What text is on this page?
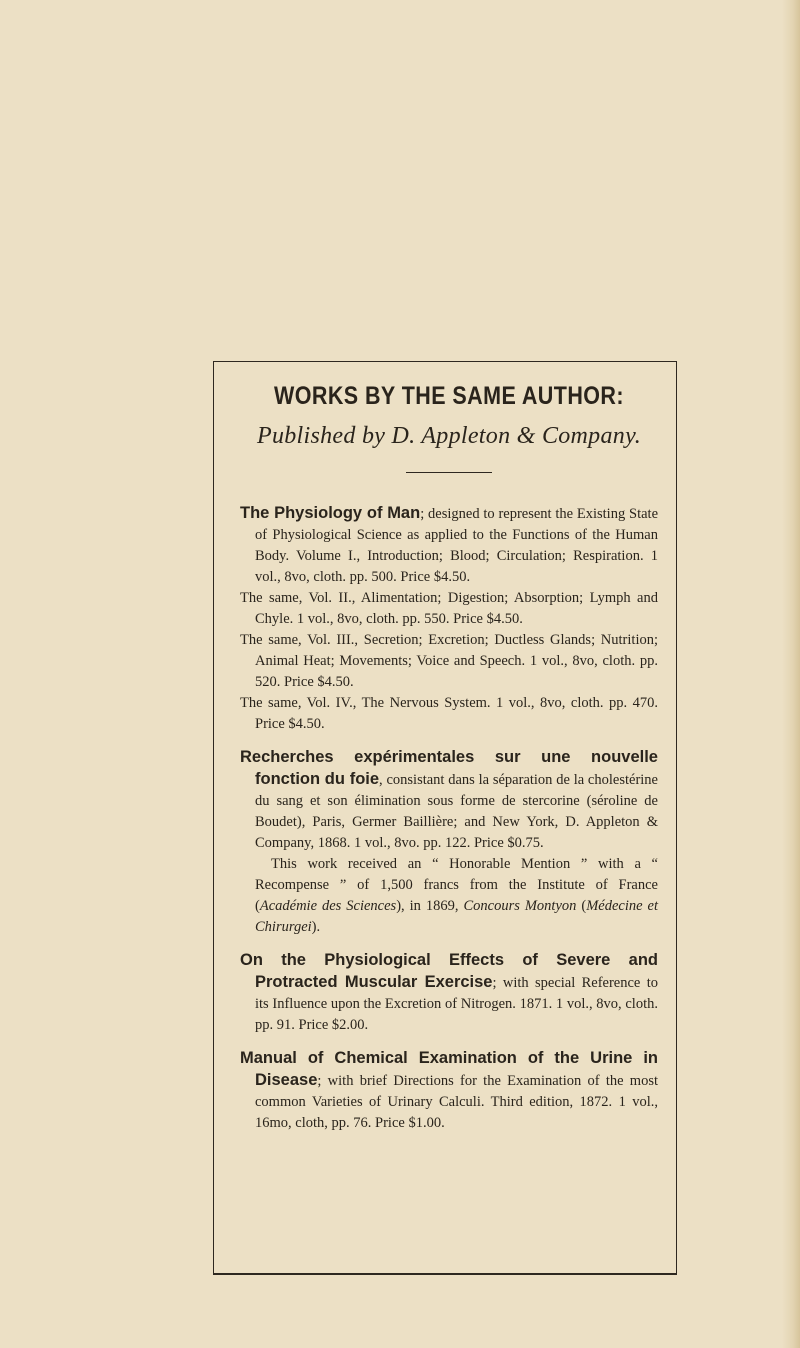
WORKS BY THE SAME AUTHOR:
Published by D. Appleton & Company.
The Physiology of Man; designed to represent the Existing State of Physiological Science as applied to the Functions of the Human Body. Volume I., Introduction; Blood; Circulation; Respiration. 1 vol., 8vo, cloth. pp. 500. Price $4.50.
The same, Vol. II., Alimentation; Digestion; Absorption; Lymph and Chyle. 1 vol., 8vo, cloth. pp. 550. Price $4.50.
The same, Vol. III., Secretion; Excretion; Ductless Glands; Nutrition; Animal Heat; Movements; Voice and Speech. 1 vol., 8vo, cloth. pp. 520. Price $4.50.
The same, Vol. IV., The Nervous System. 1 vol., 8vo, cloth. pp. 470. Price $4.50.
Recherches expérimentales sur une nouvelle fonction du foie, consistant dans la séparation de la cholestérine du sang et son élimination sous forme de stercorine (séroline de Boudet), Paris, Germer Baillière; and New York, D. Appleton & Company, 1868. 1 vol., 8vo. pp. 122. Price $0.75.
This work received an “ Honorable Mention ” with a “ Recompense ” of 1,500 francs from the Institute of France (Académie des Sciences), in 1869, Concours Montyon (Médecine et Chirurgei).
On the Physiological Effects of Severe and Protracted Muscular Exercise; with special Reference to its Influence upon the Excretion of Nitrogen. 1871. 1 vol., 8vo, cloth. pp. 91. Price $2.00.
Manual of Chemical Examination of the Urine in Disease; with brief Directions for the Examination of the most common Varieties of Urinary Calculi. Third edition, 1872. 1 vol., 16mo, cloth, pp. 76. Price $1.00.
